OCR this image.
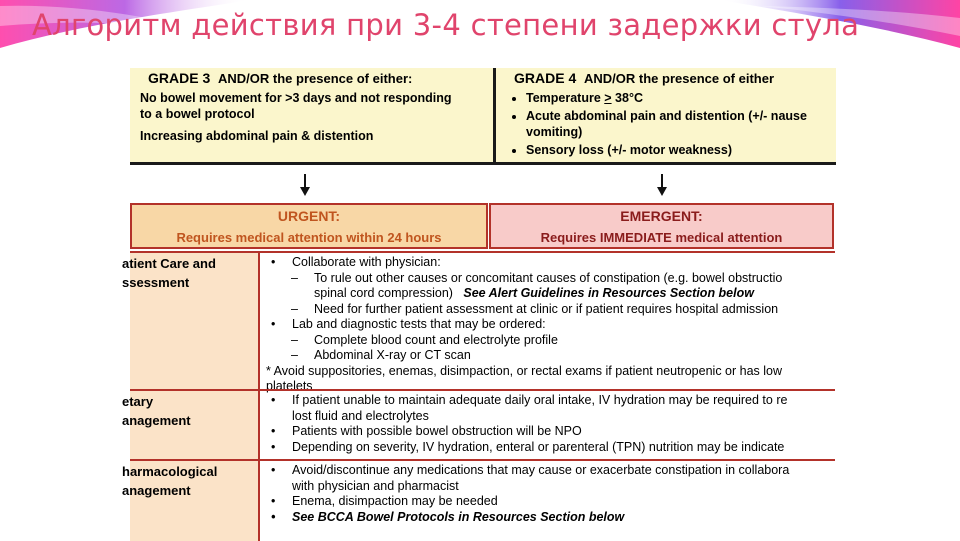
Алгоритм действия при 3-4 степени задержки стула
GRADE 3 AND/OR the presence of either:
No bowel movement for >3 days and not responding
to a bowel protocol
Increasing abdominal pain & distention
GRADE 4 AND/OR the presence of either
• Temperature > 38°C
• Acute abdominal pain and distention (+/- nause
vomiting)
• Sensory loss (+/- motor weakness)
URGENT:
Requires medical attention within 24 hours
EMERGENT:
Requires IMMEDIATE medical attention
atient Care and
ssessment
• Collaborate with physician:
– To rule out other causes or concomitant causes of constipation (e.g. bowel obstructio
spinal cord compression) See Alert Guidelines in Resources Section below
– Need for further patient assessment at clinic or if patient requires hospital admission
• Lab and diagnostic tests that may be ordered:
– Complete blood count and electrolyte profile
– Abdominal X-ray or CT scan
* Avoid suppositories, enemas, disimpaction, or rectal exams if patient neutropenic or has low
platelets
etary
anagement
• If patient unable to maintain adequate daily oral intake, IV hydration may be required to re
lost fluid and electrolytes
• Patients with possible bowel obstruction will be NPO
• Depending on severity, IV hydration, enteral or parenteral (TPN) nutrition may be indicate
harmacological
anagement
• Avoid/discontinue any medications that may cause or exacerbate constipation in collabora
with physician and pharmacist
• Enema, disimpaction may be needed
• See BCCA Bowel Protocols in Resources Section below
